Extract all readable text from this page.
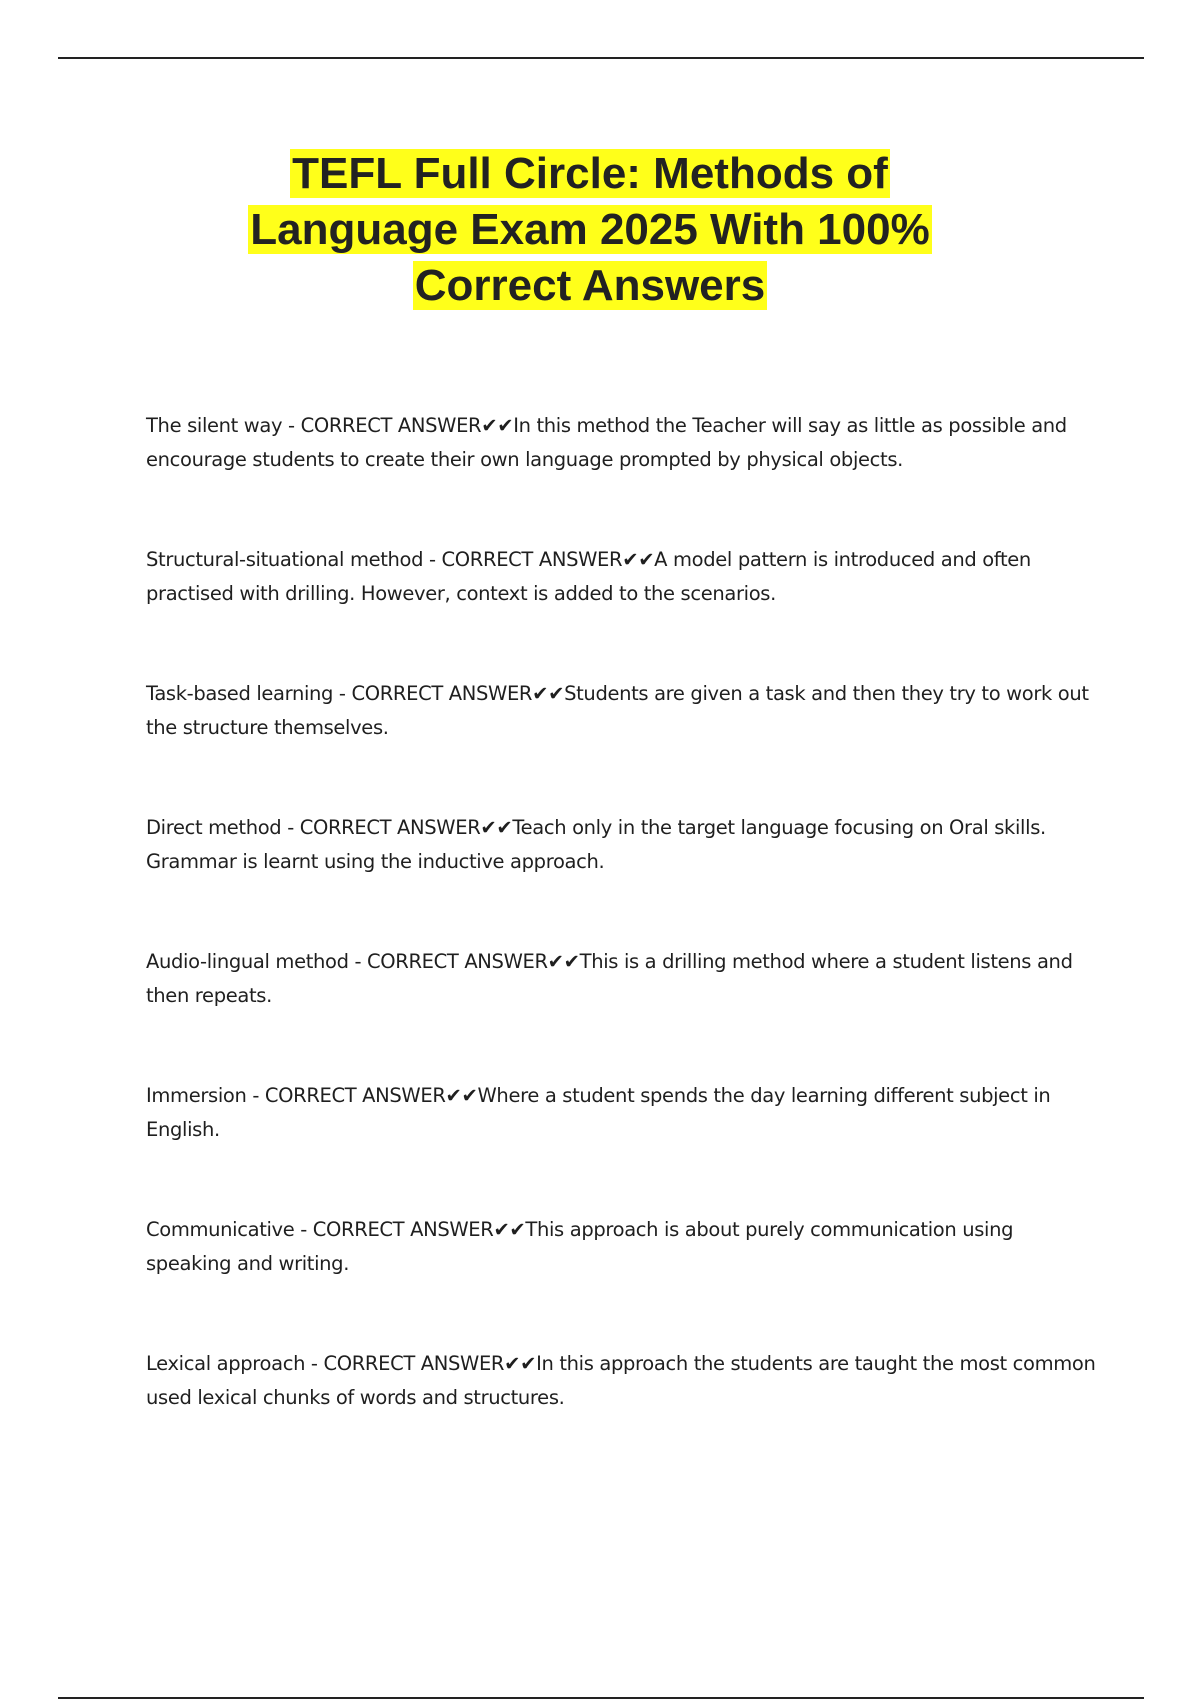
TEFL Full Circle: Methods of
Language Exam 2025 With 100%
Correct Answers
The silent way - CORRECT ANSWER✔✔In this method the Teacher will say as little as possible and encourage students to create their own language prompted by physical objects.
Structural-situational method - CORRECT ANSWER✔✔A model pattern is introduced and often practised with drilling. However, context is added to the scenarios.
Task-based learning - CORRECT ANSWER✔✔Students are given a task and then they try to work out the structure themselves.
Direct method - CORRECT ANSWER✔✔Teach only in the target language focusing on Oral skills. Grammar is learnt using the inductive approach.
Audio-lingual method - CORRECT ANSWER✔✔This is a drilling method where a student listens and then repeats.
Immersion - CORRECT ANSWER✔✔Where a student spends the day learning different subject in English.
Communicative - CORRECT ANSWER✔✔This approach is about purely communication using speaking and writing.
Lexical approach - CORRECT ANSWER✔✔In this approach the students are taught the most common used lexical chunks of words and structures.
